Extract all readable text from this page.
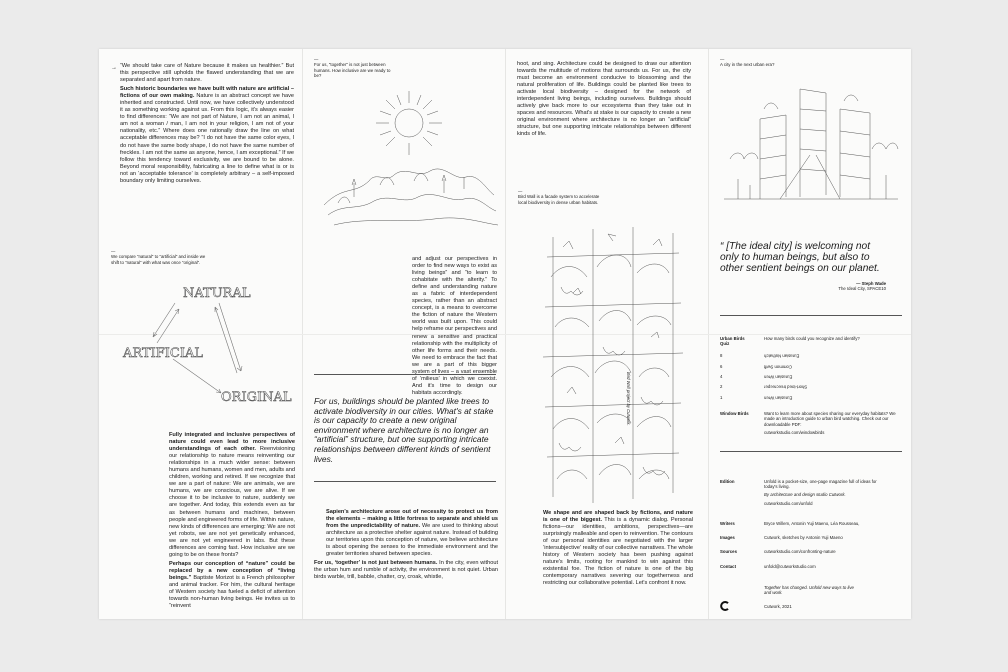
→ “We should take care of Nature because it makes us healthier.” But this perspective still upholds the flawed understanding that we are separated and apart from nature.

Such historic boundaries we have built with nature are artificial – fictions of our own making. Nature is an abstract concept we have inherited and constructed. Until now, we have collectively understood it as something working against us. From this logic, it's always easier to find differences: “We are not part of Nature, I am not an animal, I am not a woman / man, I am not in your religion, I am not of your nationality, etc.” Where does one rationally draw the line on what acceptable differences may be? “I do not have the same color eyes, I do not have the same body shape, I do not have the same number of freckles. I am not the same as anyone, hence, I am exceptional.” If we follow this tendency toward exclusivity, we are bound to be alone. Beyond moral responsibility, fabricating a line to define what is or is not an ‘acceptable tolerance’ is completely arbitrary – a self-imposed boundary only limiting ourselves.

—

We compare “natural” to “artificial” and inside we shift to “natural” with what was once “original”.

NATURAL
ARTIFICIAL
ORIGINAL

Fully integrated and inclusive perspectives of nature could even lead to more inclusive understandings of each other. Reenvisioning our relationship to nature means reinventing our relationships in a much wider sense: between humans and humans, women and men, adults and children, working and retired. If we recognize that we are a part of nature: We are animals, we are humans, we are conscious, we are alive. If we choose it to be inclusive to nature, suddenly we are together. And today, this extends even as far as between humans and machines, between people and engineered forms of life. Within nature, new kinds of differences are emerging: We are not yet robots, we are not yet genetically enhanced, we are not yet engineered in labs. But these differences are coming fast. How inclusive are we going to be on these fronts?

Perhaps our conception of “nature” could be replaced by a new conception of “living beings.” Baptiste Morizot is a French philosopher and animal tracker. For him, the cultural heritage of Western society has fueled a deficit of attention towards non-human living beings. He invites us to “reinvent

—

For us, “together” is not just between humans. How inclusive are we ready to be?

and adjust our perspectives in order to find new ways to exist as living beings” and “to learn to cohabitate with the alterity.” To define and understanding nature as a fabric of interdependent species, rather than an abstract concept, is a means to overcome the fiction of nature the Western world was built upon. This could help reframe our perspectives and renew a sensitive and practical relationship with the multiplicity of other life forms and their needs. We need to embrace the fact that we are a part of this bigger system of lives – a vast ensemble of ‘milieus’ in which we coexist. And it's time to design our habitats accordingly.

For us, buildings should be planted like trees to activate biodiversity in our cities. What's at stake is our capacity to create a new original environment where architecture is no longer an “artificial” structure, but one supporting intricate relationships between different kinds of sentient lives.

Sapien's architecture arose out of necessity to protect us from the elements – making a little fortress to separate and shield us from the unpredictability of nature. We are used to thinking about architecture as a protective shelter against nature. Instead of building our territories upon this conception of nature, we believe architecture is about opening the senses to the immediate environment and the greater territories shared between species.

For us, ‘together’ is not just between humans. In the city, even without the urban hum and rumble of activity, the environment is not quiet. Urban birds warble, trill, babble, chatter, cry, croak, whistle,

hoot, and sing. Architecture could be designed to draw our attention towards the multitude of motions that surrounds us. For us, the city must become an environment conducive to blossoming and the natural proliferation of life. Buildings could be planted like trees to activate local biodiversity – designed for the network of interdependent living beings, including ourselves. Buildings should actively give back more to our ecosystems than they take out in spaces and resources. What's at stake is our capacity to create a new original environment where architecture is no longer an “artificial” structure, but one supporting intricate relationships between different kinds of life.

—

Bird Wall is a facade system to accelerate local biodiversity in dense urban habitats.

Bird Wall project by Cutwork.

We shape and are shaped back by fictions, and nature is one of the biggest. This is a dynamic dialog. Personal fictions—our identities, ambitions, perspectives—are surprisingly malleable and open to reinvention. The contours of our personal identities are negotiated with the larger ‘intersubjective’ reality of our collective narratives. The whole history of Western society has been pushing against nature's limits, rooting for mankind to win against this existential foe. The fiction of nature is one of the big contemporary narratives severing our togetherness and restricting our collaborative potential. Let's confront it now.

—

A city in the next urban era?

“ [The ideal city] is welcoming not only to human beings, but also to other sentient beings on our planet.

— Steph Wade
The Ideal City, SPACE10
Urban Birds Quiz
How many birds could you recognize and identify?
8	Eurasian Nuthatch
6	Common Swift
4	Eurasian Wren
2	Short-toed treecreeper
1	Eurasian Wren
Window Birds	Want to learn more about species sharing our everyday habitats? We made an introduction guide to urban bird watching. Check out our downloadable PDF:
cutworkstudio.com/windowbirds
Edition	Unfold is a pocket-size, one-page magazine full of ideas for today's living.
By architecture and design studio Cutwork.
cutworkstudio.com/unfold
Writers	Bryce Willem, Antonin Yuji Maeno, Léa Rousseau,
Images	Cutwork, sketches by Antonin Yuji Maeno
Sources	cutworkstudio.com/confronting-nature
Contact	unfold@cutworkstudio.com
Together has changed. Unfold new ways to live and work.
Cutwork, 2021
